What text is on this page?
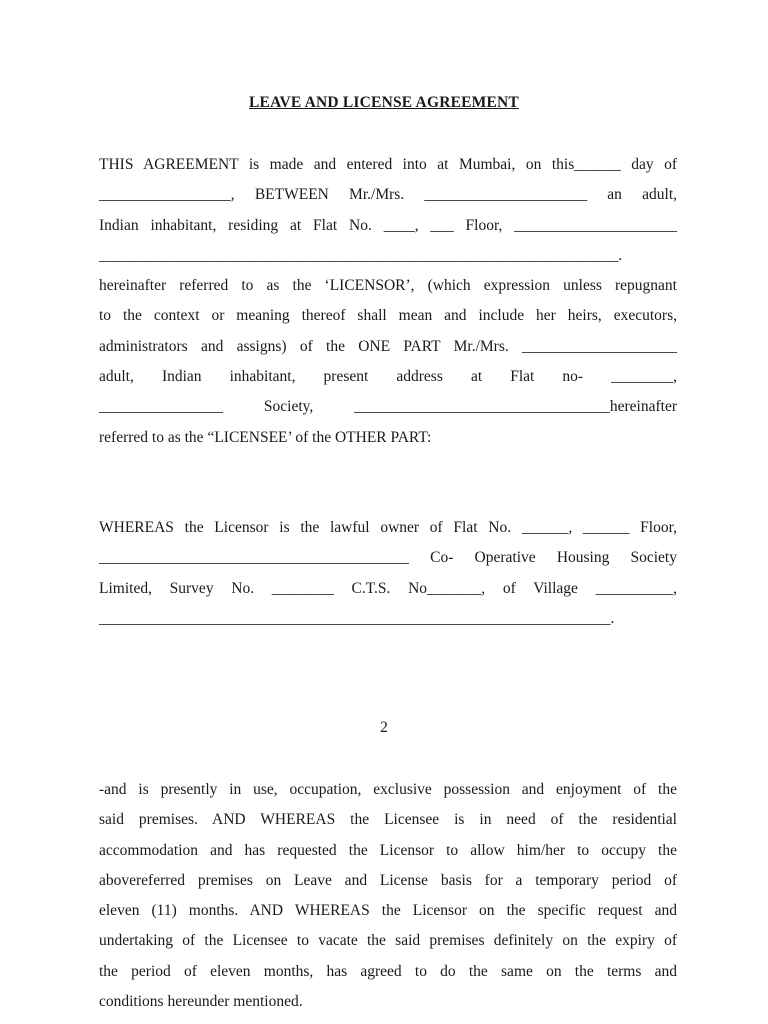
LEAVE AND LICENSE AGREEMENT
THIS AGREEMENT is made and entered into at Mumbai, on this______ day of
_________________, BETWEEN Mr./Mrs. _____________________ an adult,
Indian inhabitant, residing at Flat No. ____, ___ Floor, _____________________
___________________________________________________________________.
hereinafter referred to as the ‘LICENSOR’, (which expression unless repugnant
to the context or meaning thereof shall mean and include her heirs, executors,
administrators and assigns) of the ONE PART Mr./Mrs. ____________________
adult, Indian inhabitant, present address at Flat no- ________,
________________ Society, _________________________________hereinafter
referred to as the “LICENSEE’ of the OTHER PART:
WHEREAS the Licensor is the lawful owner of Flat No. ______, ______ Floor,
________________________________________ Co- Operative Housing Society
Limited, Survey No. ________ C.T.S. No_______, of Village __________,
__________________________________________________________________.
2
-and is presently in use, occupation, exclusive possession and enjoyment of the
said premises. AND WHEREAS the Licensee is in need of the residential
accommodation and has requested the Licensor to allow him/her to occupy the
abovereferred premises on Leave and License basis for a temporary period of
eleven (11) months. AND WHEREAS the Licensor on the specific request and
undertaking of the Licensee to vacate the said premises definitely on the expiry of
the period of eleven months, has agreed to do the same on the terms and
conditions hereunder mentioned.
